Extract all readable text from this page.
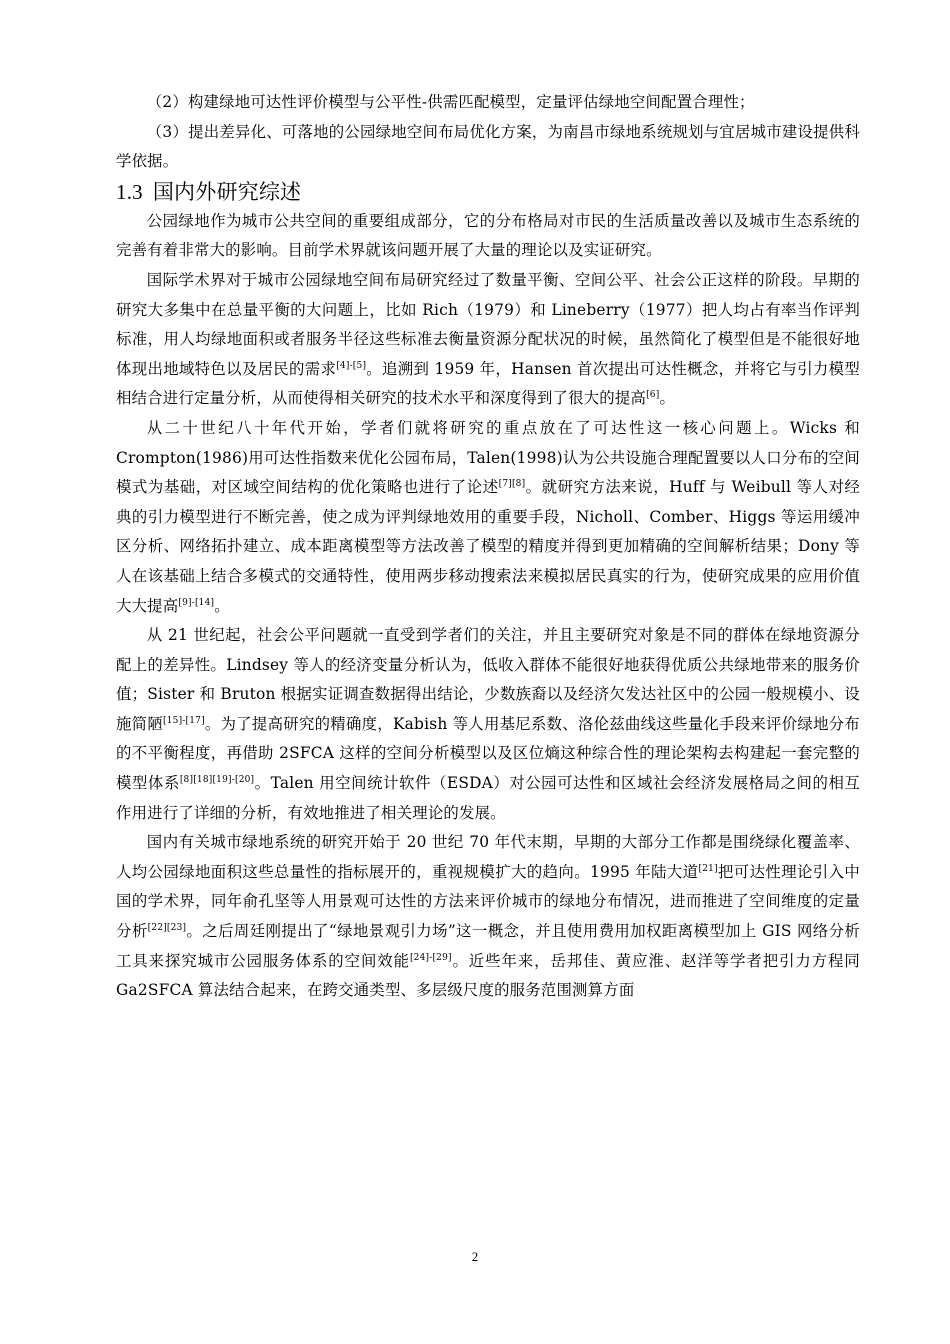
（2）构建绿地可达性评价模型与公平性-供需匹配模型，定量评估绿地空间配置合理性；

（3）提出差异化、可落地的公园绿地空间布局优化方案，为南昌市绿地系统规划与宜居城市建设提供科学依据。

1.3 国内外研究综述

公园绿地作为城市公共空间的重要组成部分，它的分布格局对市民的生活质量改善以及城市生态系统的完善有着非常大的影响。目前学术界就该问题开展了大量的理论以及实证研究。

国际学术界对于城市公园绿地空间布局研究经过了数量平衡、空间公平、社会公正这样的阶段。早期的研究大多集中在总量平衡的大问题上，比如 Rich（1979）和 Lineberry（1977）把人均占有率当作评判标准，用人均绿地面积或者服务半径这些标准去衡量资源分配状况的时候，虽然简化了模型但是不能很好地体现出地域特色以及居民的需求[4]-[5]。追溯到 1959 年，Hansen 首次提出可达性概念，并将它与引力模型相结合进行定量分析，从而使得相关研究的技术水平和深度得到了很大的提高[6]。

从二十世纪八十年代开始，学者们就将研究的重点放在了可达性这一核心问题上。Wicks 和 Crompton(1986)用可达性指数来优化公园布局，Talen(1998)认为公共设施合理配置要以人口分布的空间模式为基础，对区域空间结构的优化策略也进行了论述[7][8]。就研究方法来说，Huff 与 Weibull 等人对经典的引力模型进行不断完善，使之成为评判绿地效用的重要手段，Nicholl、Comber、Higgs 等运用缓冲区分析、网络拓扑建立、成本距离模型等方法改善了模型的精度并得到更加精确的空间解析结果；Dony 等人在该基础上结合多模式的交通特性，使用两步移动搜索法来模拟居民真实的行为，使研究成果的应用价值大大提高[9]-[14]。

从 21 世纪起，社会公平问题就一直受到学者们的关注，并且主要研究对象是不同的群体在绿地资源分配上的差异性。Lindsey 等人的经济变量分析认为，低收入群体不能很好地获得优质公共绿地带来的服务价值；Sister 和 Bruton 根据实证调查数据得出结论，少数族裔以及经济欠发达社区中的公园一般规模小、设施简陋[15]-[17]。为了提高研究的精确度，Kabish 等人用基尼系数、洛伦兹曲线这些量化手段来评价绿地分布的不平衡程度，再借助 2SFCA 这样的空间分析模型以及区位熵这种综合性的理论架构去构建起一套完整的模型体系[8][18][19]-[20]。Talen 用空间统计软件（ESDA）对公园可达性和区域社会经济发展格局之间的相互作用进行了详细的分析，有效地推进了相关理论的发展。

国内有关城市绿地系统的研究开始于 20 世纪 70 年代末期，早期的大部分工作都是围绕绿化覆盖率、人均公园绿地面积这些总量性的指标展开的，重视规模扩大的趋向。1995 年陆大道[21]把可达性理论引入中国的学术界，同年俞孔坚等人用景观可达性的方法来评价城市的绿地分布情况，进而推进了空间维度的定量分析[22][23]。之后周廷刚提出了“绿地景观引力场”这一概念，并且使用费用加权距离模型加上 GIS 网络分析工具来探究城市公园服务体系的空间效能[24]-[29]。近些年来，岳邦佳、黄应淮、赵洋等学者把引力方程同 Ga2SFCA 算法结合起来，在跨交通类型、多层级尺度的服务范围测算方面

2
